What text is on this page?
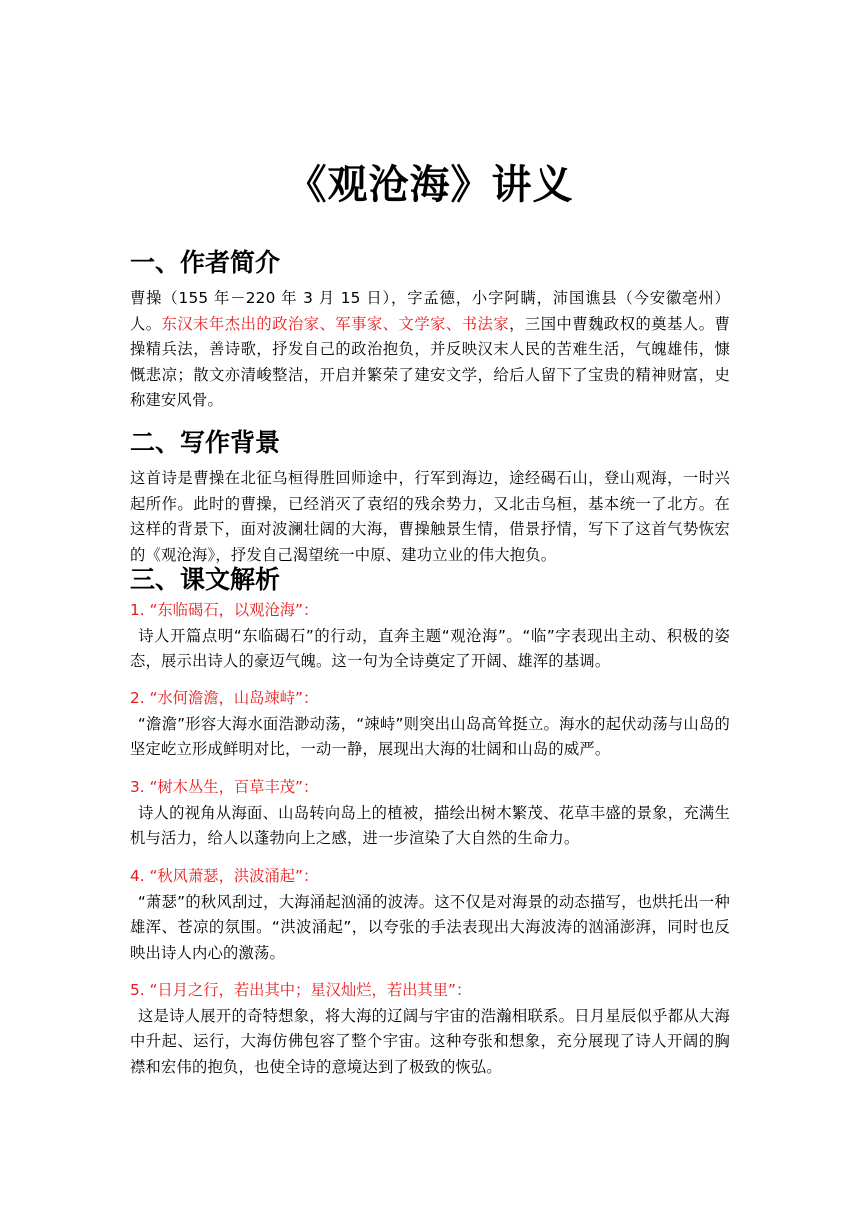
《观沧海》讲义
一、作者简介

曹操（155 年－220 年 3 月 15 日），字孟德，小字阿瞒，沛国谯县（今安徽亳州）人。东汉末年杰出的政治家、军事家、文学家、书法家，三国中曹魏政权的奠基人。曹操精兵法，善诗歌，抒发自己的政治抱负，并反映汉末人民的苦难生活，气魄雄伟，慷慨悲凉；散文亦清峻整洁，开启并繁荣了建安文学，给后人留下了宝贵的精神财富，史称建安风骨。

二、写作背景

这首诗是曹操在北征乌桓得胜回师途中，行军到海边，途经碣石山，登山观海，一时兴起所作。此时的曹操，已经消灭了袁绍的残余势力，又北击乌桓，基本统一了北方。在这样的背景下，面对波澜壮阔的大海，曹操触景生情，借景抒情，写下了这首气势恢宏的《观沧海》，抒发自己渴望统一中原、建功立业的伟大抱负。

三、课文解析

1. “东临碣石，以观沧海”：

 诗人开篇点明“东临碣石”的行动，直奔主题“观沧海”。“临”字表现出主动、积极的姿态，展示出诗人的豪迈气魄。这一句为全诗奠定了开阔、雄浑的基调。

2. “水何澹澹，山岛竦峙”：

 “澹澹”形容大海水面浩渺动荡，“竦峙”则突出山岛高耸挺立。海水的起伏动荡与山岛的坚定屹立形成鲜明对比，一动一静，展现出大海的壮阔和山岛的威严。

3. “树木丛生，百草丰茂”：

 诗人的视角从海面、山岛转向岛上的植被，描绘出树木繁茂、花草丰盛的景象，充满生机与活力，给人以蓬勃向上之感，进一步渲染了大自然的生命力。

4. “秋风萧瑟，洪波涌起”：

 “萧瑟”的秋风刮过，大海涌起汹涌的波涛。这不仅是对海景的动态描写，也烘托出一种雄浑、苍凉的氛围。“洪波涌起”，以夸张的手法表现出大海波涛的汹涌澎湃，同时也反映出诗人内心的激荡。

5. “日月之行，若出其中；星汉灿烂，若出其里”：

 这是诗人展开的奇特想象，将大海的辽阔与宇宙的浩瀚相联系。日月星辰似乎都从大海中升起、运行，大海仿佛包容了整个宇宙。这种夸张和想象，充分展现了诗人开阔的胸襟和宏伟的抱负，也使全诗的意境达到了极致的恢弘。
